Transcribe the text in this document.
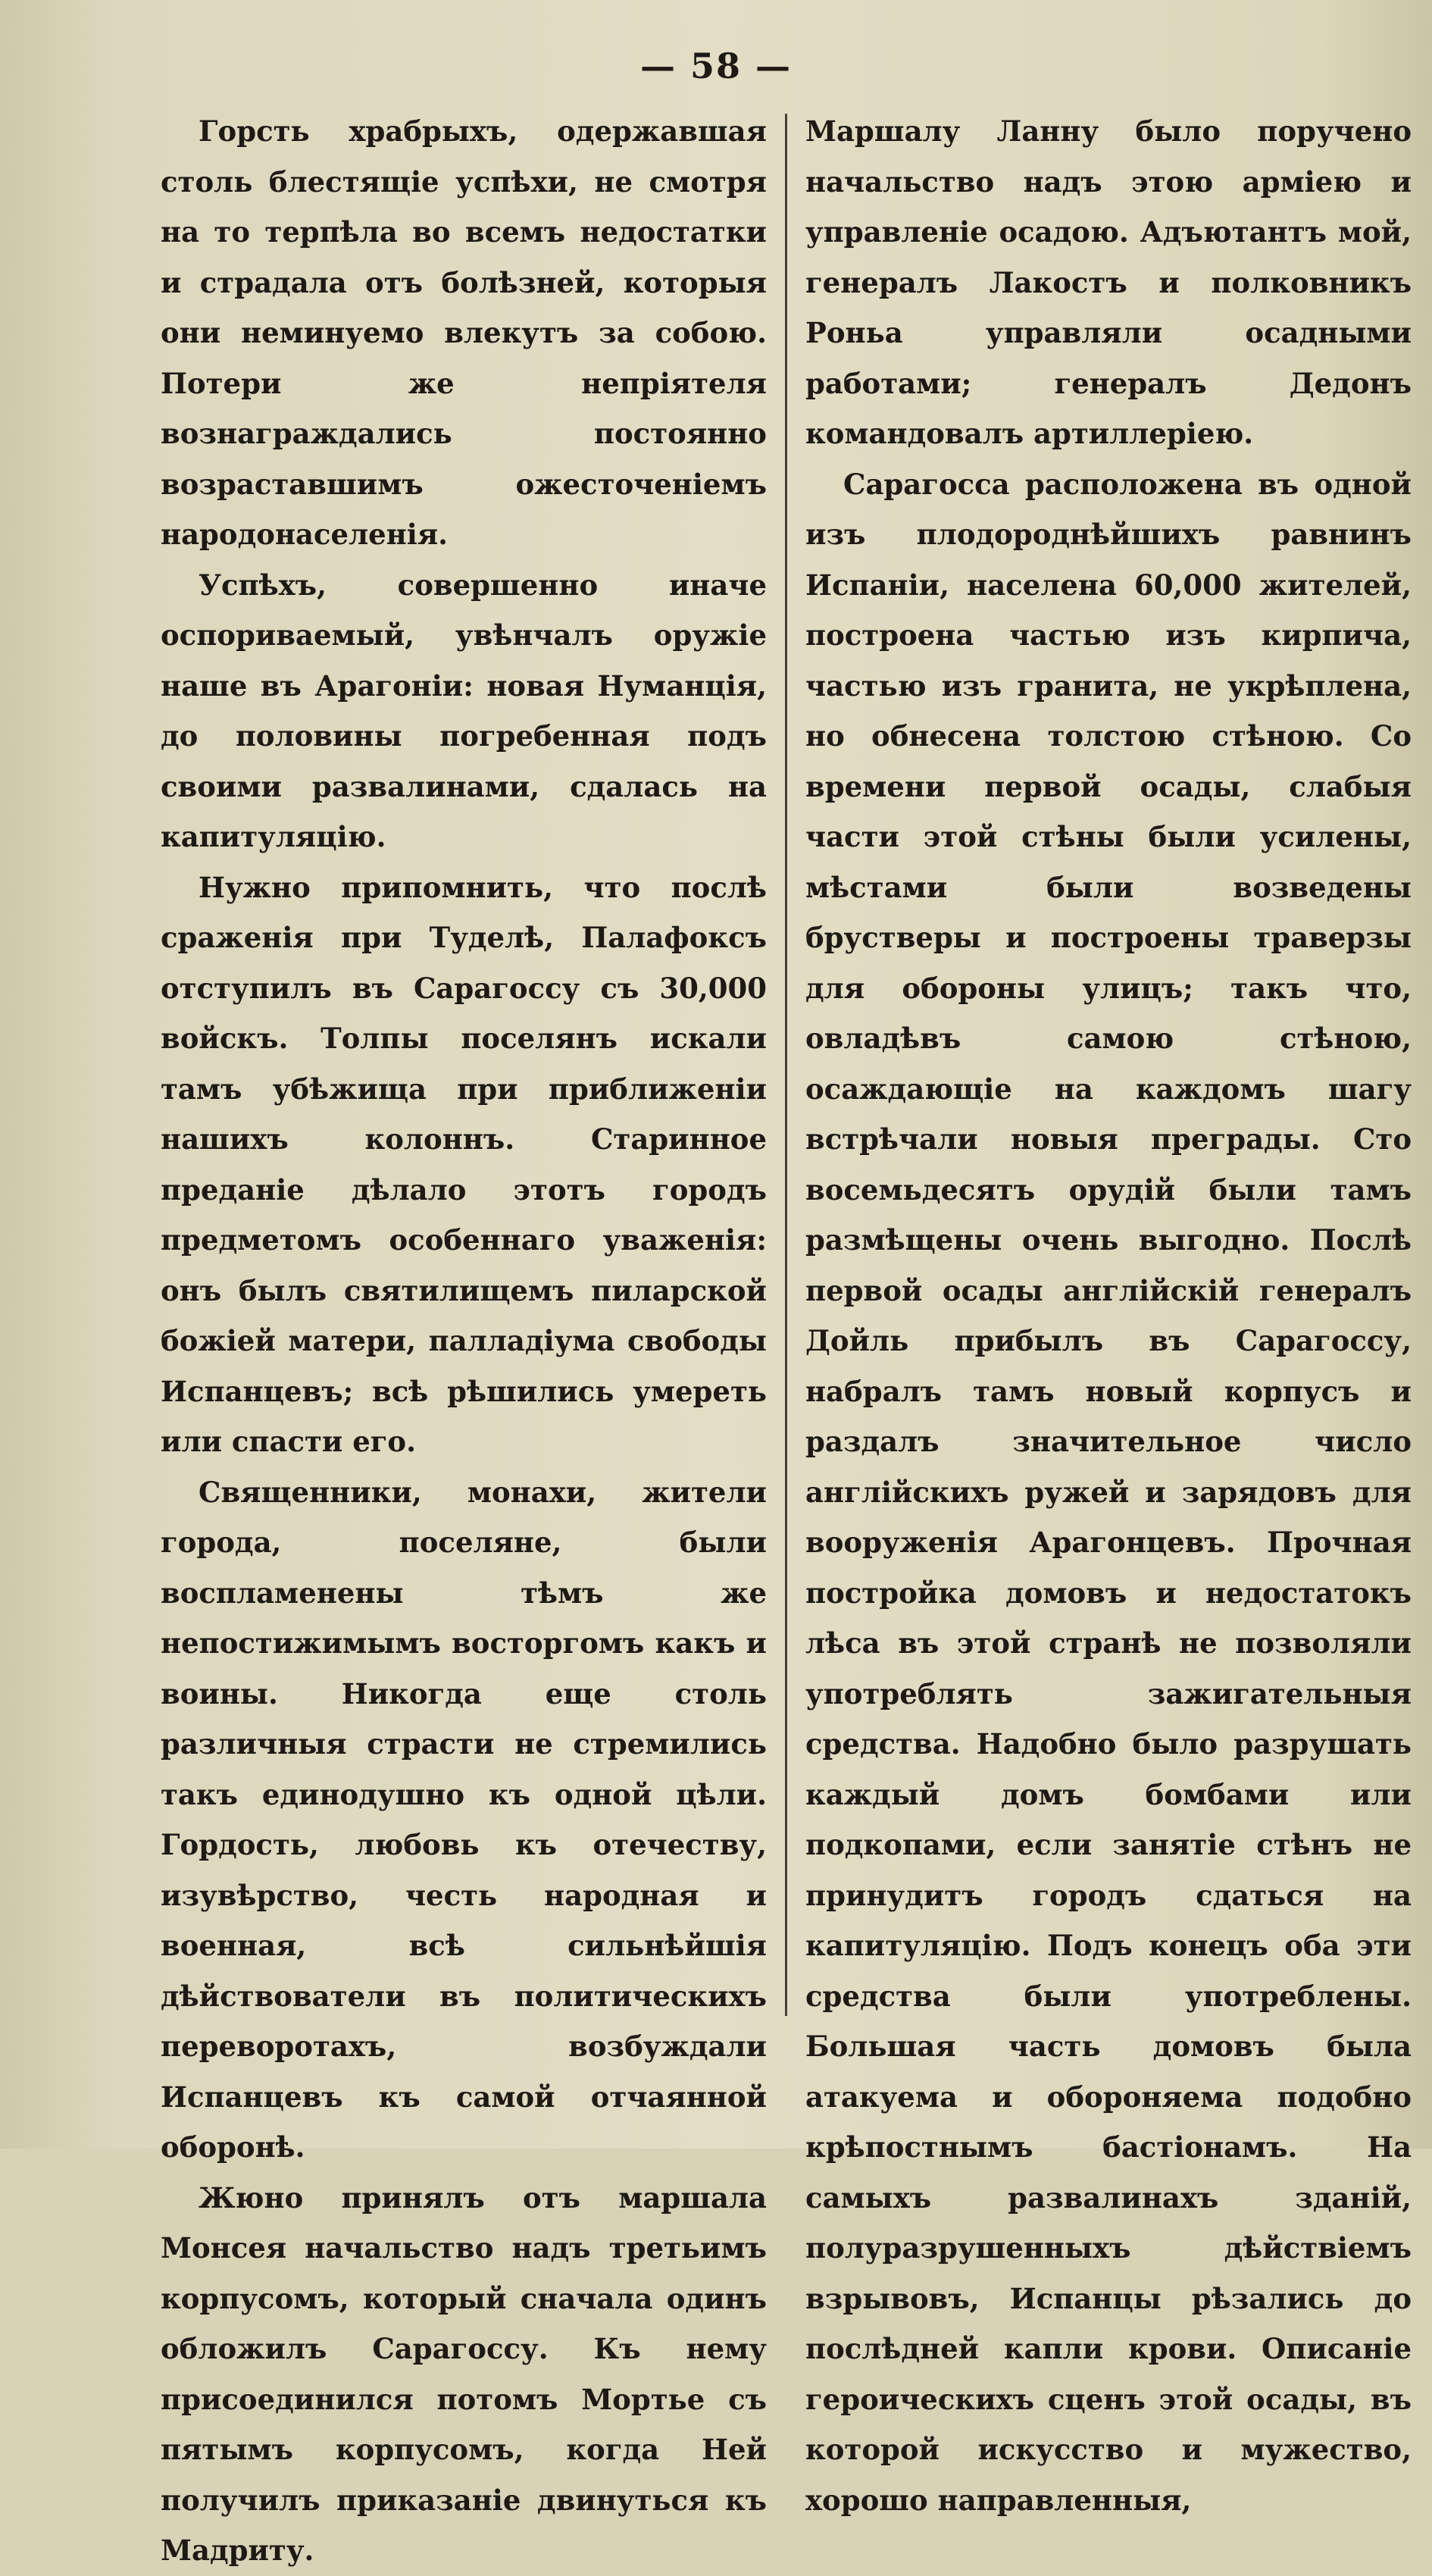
— 58 —

Горсть храбрыхъ, одержавшая столь блестящіе успѣхи, не смотря на то терпѣла во всемъ недостатки и страдала отъ болѣзней, которыя они неминуемо влекутъ за собою. Потери же непріятеля вознаграждались постоянно возраставшимъ ожесточеніемъ народонаселенія.

Успѣхъ, совершенно иначе оспориваемый, увѣнчалъ оружіе наше въ Арагоніи: новая Нуманція, до половины погребенная подъ своими развалинами, сдалась на капитуляцію.

Нужно припомнить, что послѣ сраженія при Туделѣ, Палафоксъ отступилъ въ Сарагоссу съ 30,000 войскъ. Толпы поселянъ искали тамъ убѣжища при приближеніи нашихъ колоннъ. Старинное преданіе дѣлало этотъ городъ предметомъ особеннаго уваженія: онъ былъ святилищемъ пиларской божіей матери, палладіума свободы Испанцевъ; всѣ рѣшились умереть или спасти его.

Священники, монахи, жители города, поселяне, были воспламенены тѣмъ же непостижимымъ восторгомъ какъ и воины. Никогда еще столь различныя страсти не стремились такъ единодушно къ одной цѣли. Гордость, любовь къ отечеству, изувѣрство, честь народная и военная, всѣ сильнѣйшія дѣйствователи въ политическихъ переворотахъ, возбуждали Испанцевъ къ самой отчаянной оборонѣ.

Жюно принялъ отъ маршала Монсея начальство надъ третьимъ корпусомъ, который сначала одинъ обложилъ Сарагоссу. Къ нему присоединился потомъ Мортье съ пятымъ корпусомъ, когда Ней получилъ приказаніе двинуться къ Мадриту.

Маршалу Ланну было поручено начальство надъ этою арміею и управленіе осадою. Адъютантъ мой, генералъ Лакостъ и полковникъ Роньа управляли осадными работами; генералъ Дедонъ командовалъ артиллеріею.

Сарагосса расположена въ одной изъ плодороднѣйшихъ равнинъ Испаніи, населена 60,000 жителей, построена частью изъ кирпича, частью изъ гранита, не укрѣплена, но обнесена толстою стѣною. Со времени первой осады, слабыя части этой стѣны были усилены, мѣстами были возведены брустверы и построены траверзы для обороны улицъ; такъ что, овладѣвъ самою стѣною, осаждающіе на каждомъ шагу встрѣчали новыя преграды. Сто восемьдесятъ орудій были тамъ размѣщены очень выгодно. Послѣ первой осады англійскій генералъ Дойль прибылъ въ Сарагоссу, набралъ тамъ новый корпусъ и раздалъ значительное число англійскихъ ружей и зарядовъ для вооруженія Арагонцевъ. Прочная постройка домовъ и недостатокъ лѣса въ этой странѣ не позволяли употреблять зажигательныя средства. Надобно было разрушать каждый домъ бомбами или подкопами, если занятіе стѣнъ не принудитъ городъ сдаться на капитуляцію. Подъ конецъ оба эти средства были употреблены. Большая часть домовъ была атакуема и обороняема подобно крѣпостнымъ бастіонамъ. На самыхъ развалинахъ зданій, полуразрушенныхъ дѣйствіемъ взрывовъ, Испанцы рѣзались до послѣдней капли крови. Описаніе героическихъ сценъ этой осады, въ которой искусство и мужество, хорошо направленныя,
